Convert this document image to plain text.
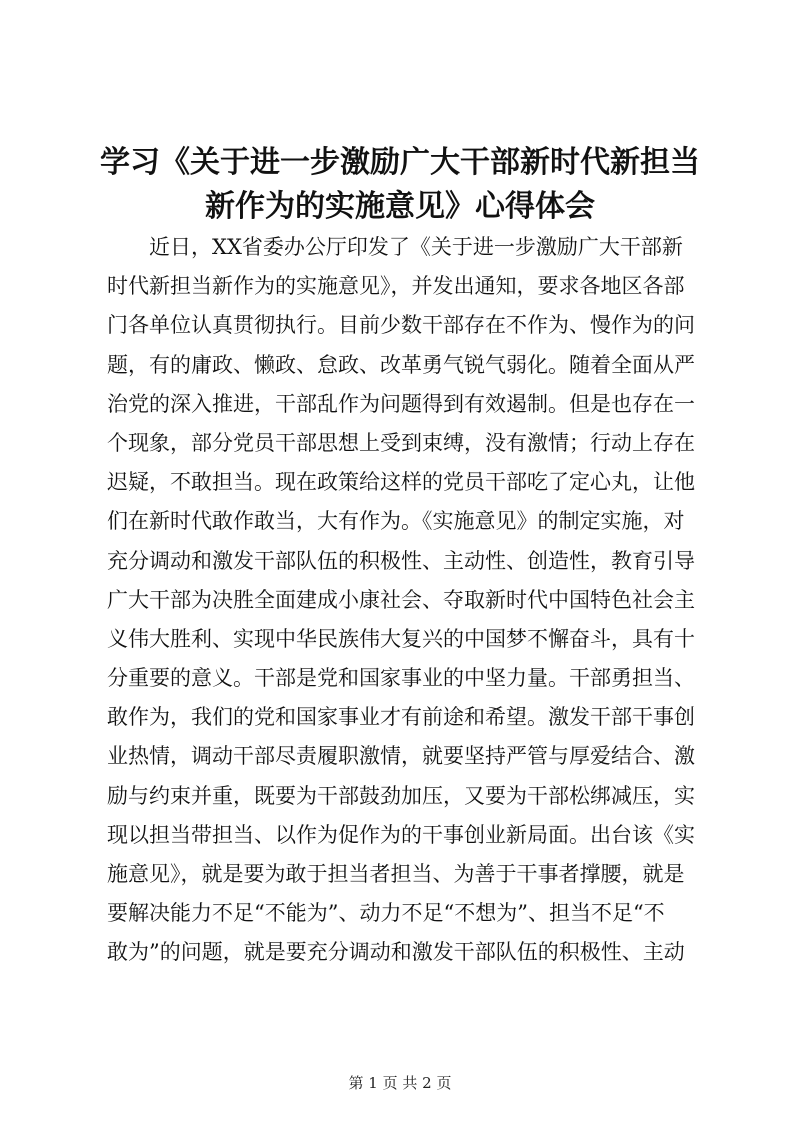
学习《关于进一步激励广大干部新时代新担当
新作为的实施意见》心得体会
　　近日，XX省委办公厅印发了《关于进一步激励广大干部新
时代新担当新作为的实施意见》，并发出通知，要求各地区各部
门各单位认真贯彻执行。目前少数干部存在不作为、慢作为的问
题，有的庸政、懒政、怠政、改革勇气锐气弱化。随着全面从严
治党的深入推进，干部乱作为问题得到有效遏制。但是也存在一
个现象，部分党员干部思想上受到束缚，没有激情；行动上存在
迟疑，不敢担当。现在政策给这样的党员干部吃了定心丸，让他
们在新时代敢作敢当，大有作为。《实施意见》的制定实施，对
充分调动和激发干部队伍的积极性、主动性、创造性，教育引导
广大干部为决胜全面建成小康社会、夺取新时代中国特色社会主
义伟大胜利、实现中华民族伟大复兴的中国梦不懈奋斗，具有十
分重要的意义。干部是党和国家事业的中坚力量。干部勇担当、
敢作为，我们的党和国家事业才有前途和希望。激发干部干事创
业热情，调动干部尽责履职激情，就要坚持严管与厚爱结合、激
励与约束并重，既要为干部鼓劲加压，又要为干部松绑减压，实
现以担当带担当、以作为促作为的干事创业新局面。出台该《实
施意见》，就是要为敢于担当者担当、为善于干事者撑腰，就是
要解决能力不足“不能为”、动力不足“不想为”、担当不足“不
敢为”的问题，就是要充分调动和激发干部队伍的积极性、主动
第 1 页 共 2 页
